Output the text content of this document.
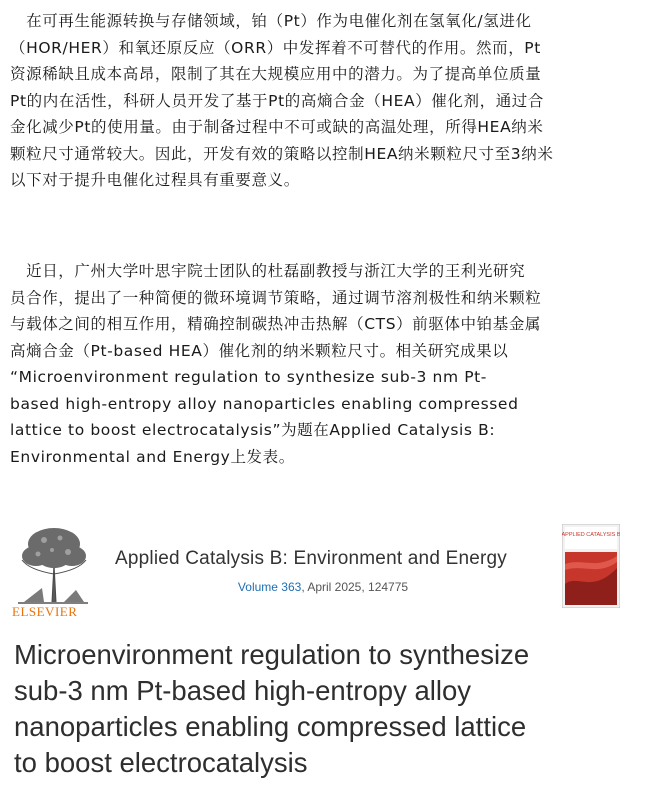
　在可再生能源转换与存储领域，铂（Pt）作为电催化剂在氢氧化/氢进化
（HOR/HER）和氧还原反应（ORR）中发挥着不可替代的作用。然而，Pt
资源稀缺且成本高昂，限制了其在大规模应用中的潜力。为了提高单位质量
Pt的内在活性，科研人员开发了基于Pt的高熵合金（HEA）催化剂，通过合
金化减少Pt的使用量。由于制备过程中不可或缺的高温处理，所得HEA纳米
颗粒尺寸通常较大。因此，开发有效的策略以控制HEA纳米颗粒尺寸至3纳米
以下对于提升电催化过程具有重要意义。

　近日，广州大学叶思宇院士团队的杜磊副教授与浙江大学的王利光研究
员合作，提出了一种简便的微环境调节策略，通过调节溶剂极性和纳米颗粒
与载体之间的相互作用，精确控制碳热冲击热解（CTS）前驱体中铂基金属
高熵合金（Pt-based HEA）催化剂的纳米颗粒尺寸。相关研究成果以
“Microenvironment regulation to synthesize sub-3 nm Pt-
based high-entropy alloy nanoparticles enabling compressed
lattice to boost electrocatalysis”为题在Applied Catalysis B:
Environmental and Energy上发表。

ELSEVIER
Applied Catalysis B: Environment and Energy
Volume 363, April 2025, 124775
APPLIED CATALYSIS B
Microenvironment regulation to synthesize
sub-3 nm Pt-based high-entropy alloy
nanoparticles enabling compressed lattice
to boost electrocatalysis
